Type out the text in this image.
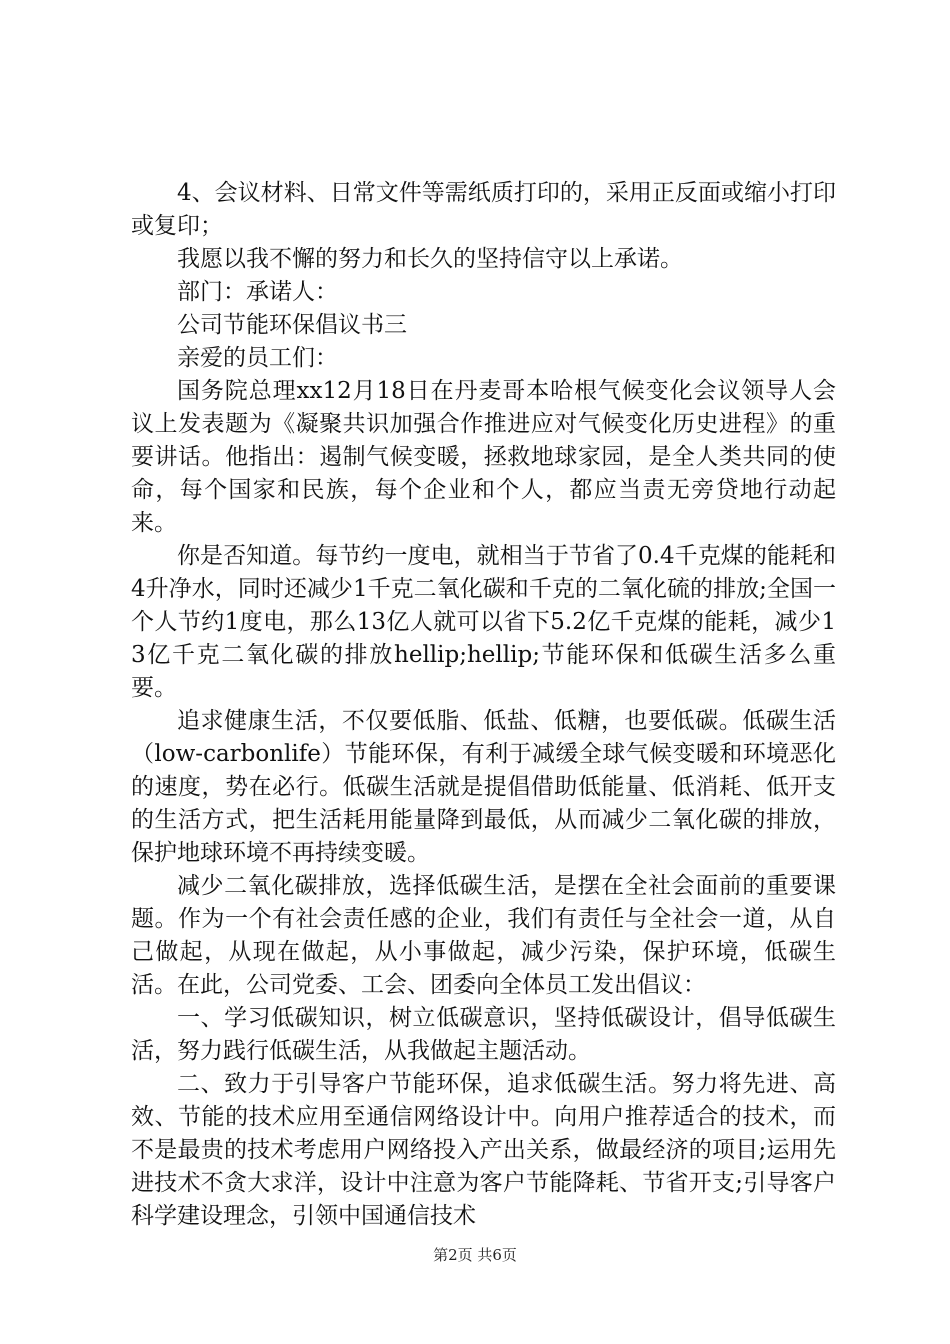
4、会议材料、日常文件等需纸质打印的，采用正反面或缩小打印或复印；

我愿以我不懈的努力和长久的坚持信守以上承诺。

部门：承诺人：

公司节能环保倡议书三

亲爱的员工们：

国务院总理xx12月18日在丹麦哥本哈根气候变化会议领导人会议上发表题为《凝聚共识加强合作推进应对气候变化历史进程》的重要讲话。他指出：遏制气候变暖，拯救地球家园，是全人类共同的使命，每个国家和民族，每个企业和个人，都应当责无旁贷地行动起来。

你是否知道。每节约一度电，就相当于节省了0.4千克煤的能耗和4升净水，同时还减少1千克二氧化碳和千克的二氧化硫的排放;全国一个人节约1度电，那么13亿人就可以省下5.2亿千克煤的能耗，减少13亿千克二氧化碳的排放hellip;hellip;节能环保和低碳生活多么重要。

追求健康生活，不仅要低脂、低盐、低糖，也要低碳。低碳生活（low-carbonlife）节能环保，有利于减缓全球气候变暖和环境恶化的速度，势在必行。低碳生活就是提倡借助低能量、低消耗、低开支的生活方式，把生活耗用能量降到最低，从而减少二氧化碳的排放，保护地球环境不再持续变暖。

减少二氧化碳排放，选择低碳生活，是摆在全社会面前的重要课题。作为一个有社会责任感的企业，我们有责任与全社会一道，从自己做起，从现在做起，从小事做起，减少污染，保护环境，低碳生活。在此，公司党委、工会、团委向全体员工发出倡议：

一、学习低碳知识，树立低碳意识，坚持低碳设计，倡导低碳生活，努力践行低碳生活，从我做起主题活动。

二、致力于引导客户节能环保，追求低碳生活。努力将先进、高效、节能的技术应用至通信网络设计中。向用户推荐适合的技术，而不是最贵的技术考虑用户网络投入产出关系，做最经济的项目;运用先进技术不贪大求洋，设计中注意为客户节能降耗、节省开支;引导客户科学建设理念，引领中国通信技术

第2页 共6页
